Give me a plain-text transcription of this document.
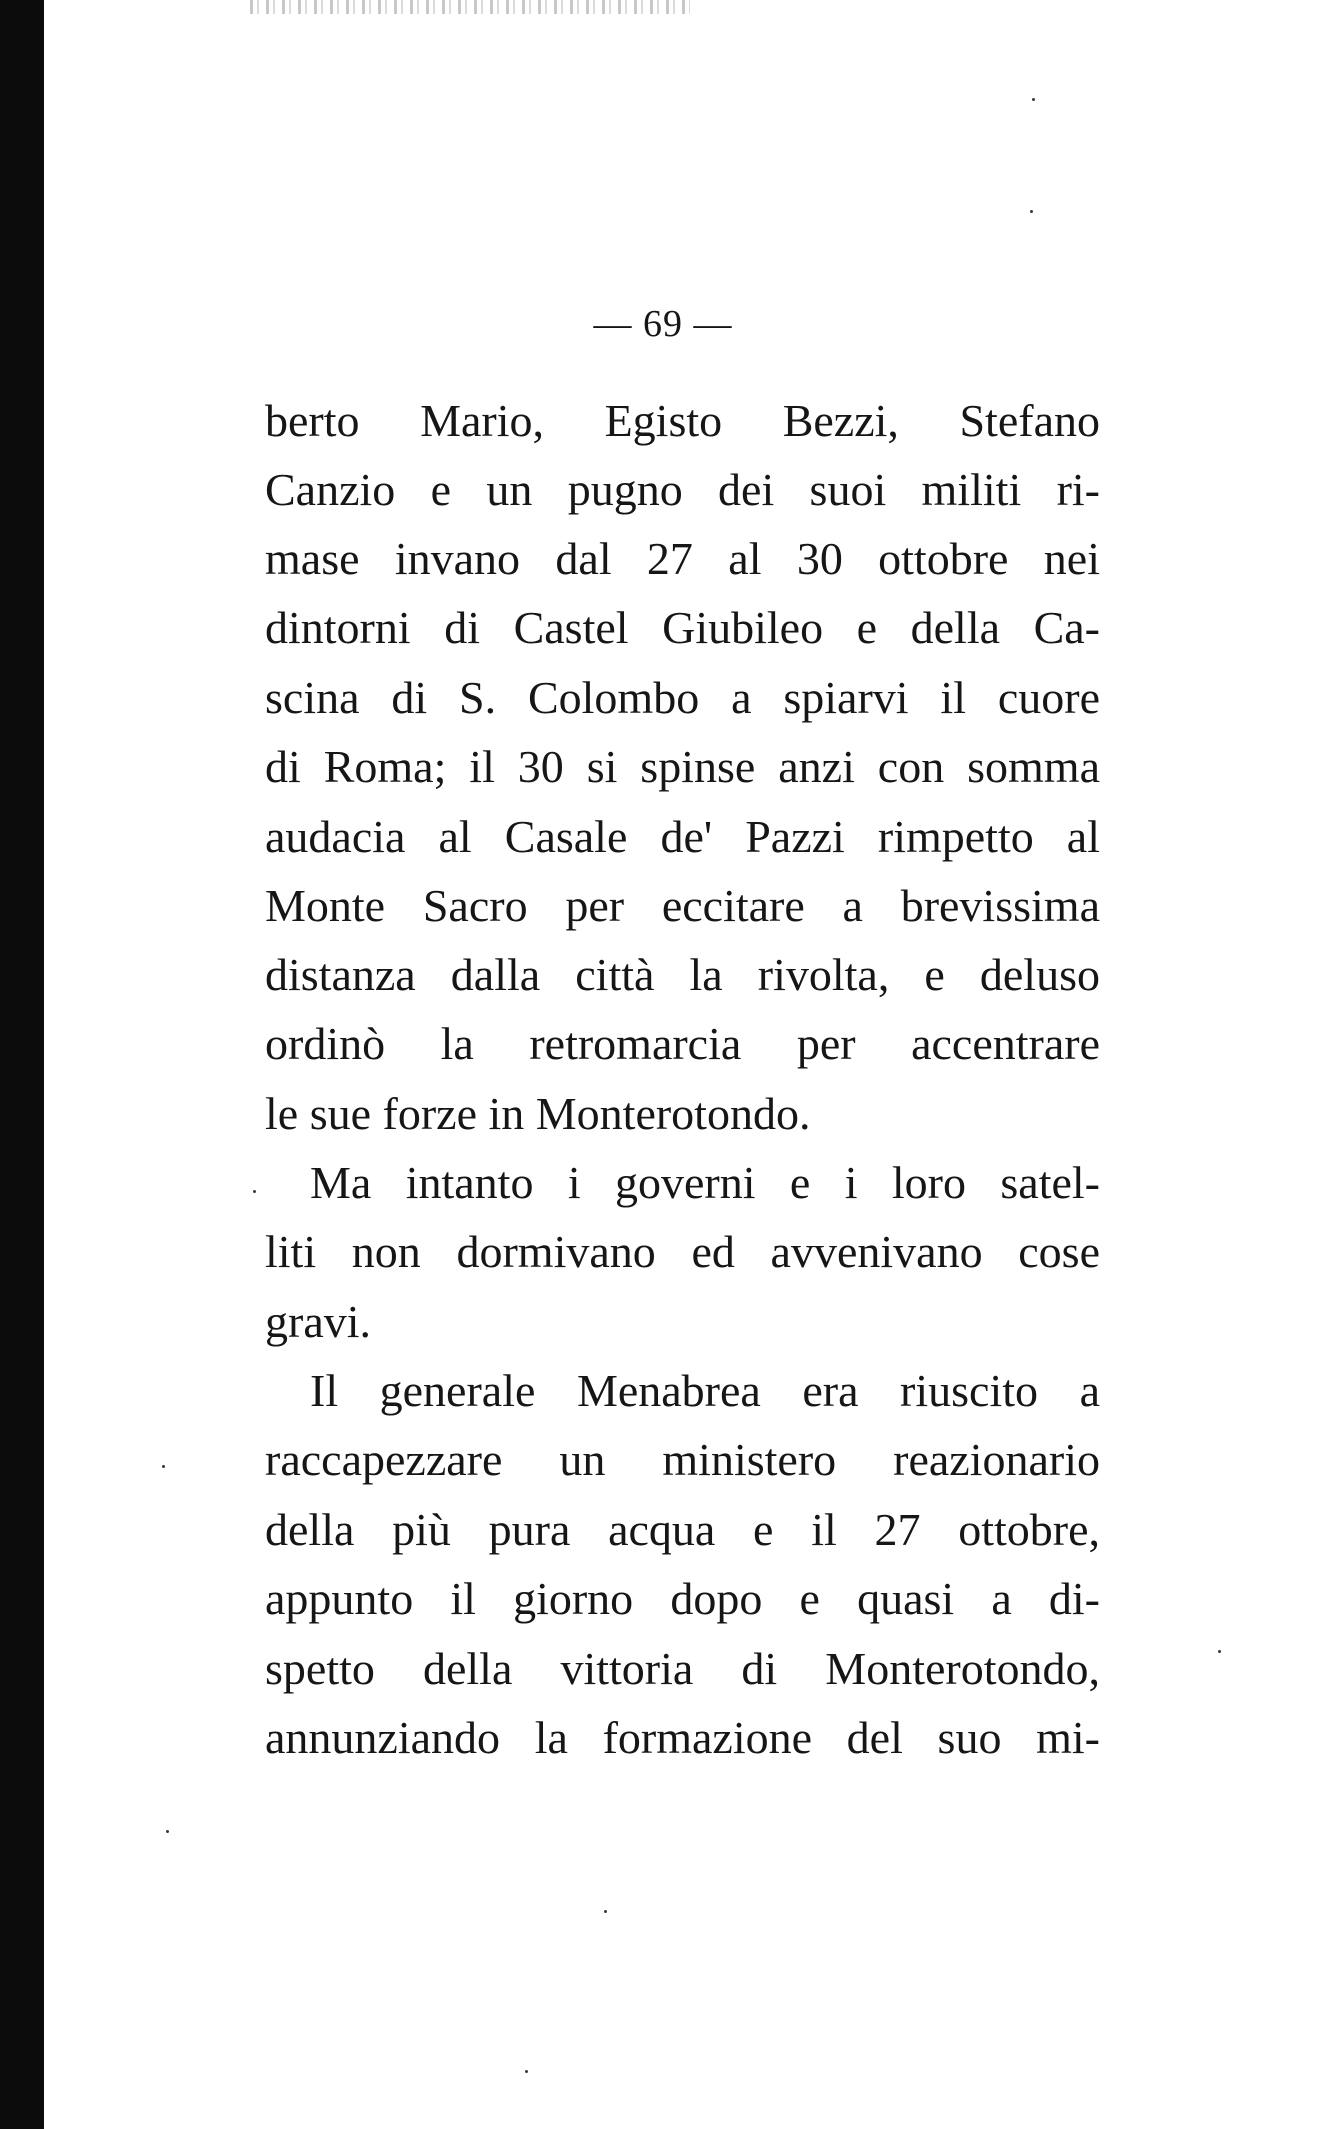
— 69 —

berto Mario, Egisto Bezzi, Stefano

Canzio e un pugno dei suoi militi ri-

mase invano dal 27 al 30 ottobre nei

dintorni di Castel Giubileo e della Ca-

scina di S. Colombo a spiarvi il cuore

di Roma; il 30 si spinse anzi con somma

audacia al Casale de' Pazzi rimpetto al

Monte Sacro per eccitare a brevissima

distanza dalla città la rivolta, e deluso

ordinò la retromarcia per accentrare

le sue forze in Monterotondo.

Ma intanto i governi e i loro satel-

liti non dormivano ed avvenivano cose

gravi.

Il generale Menabrea era riuscito a

raccapezzare un ministero reazionario

della più pura acqua e il 27 ottobre,

appunto il giorno dopo e quasi a di-

spetto della vittoria di Monterotondo,

annunziando la formazione del suo mi-
